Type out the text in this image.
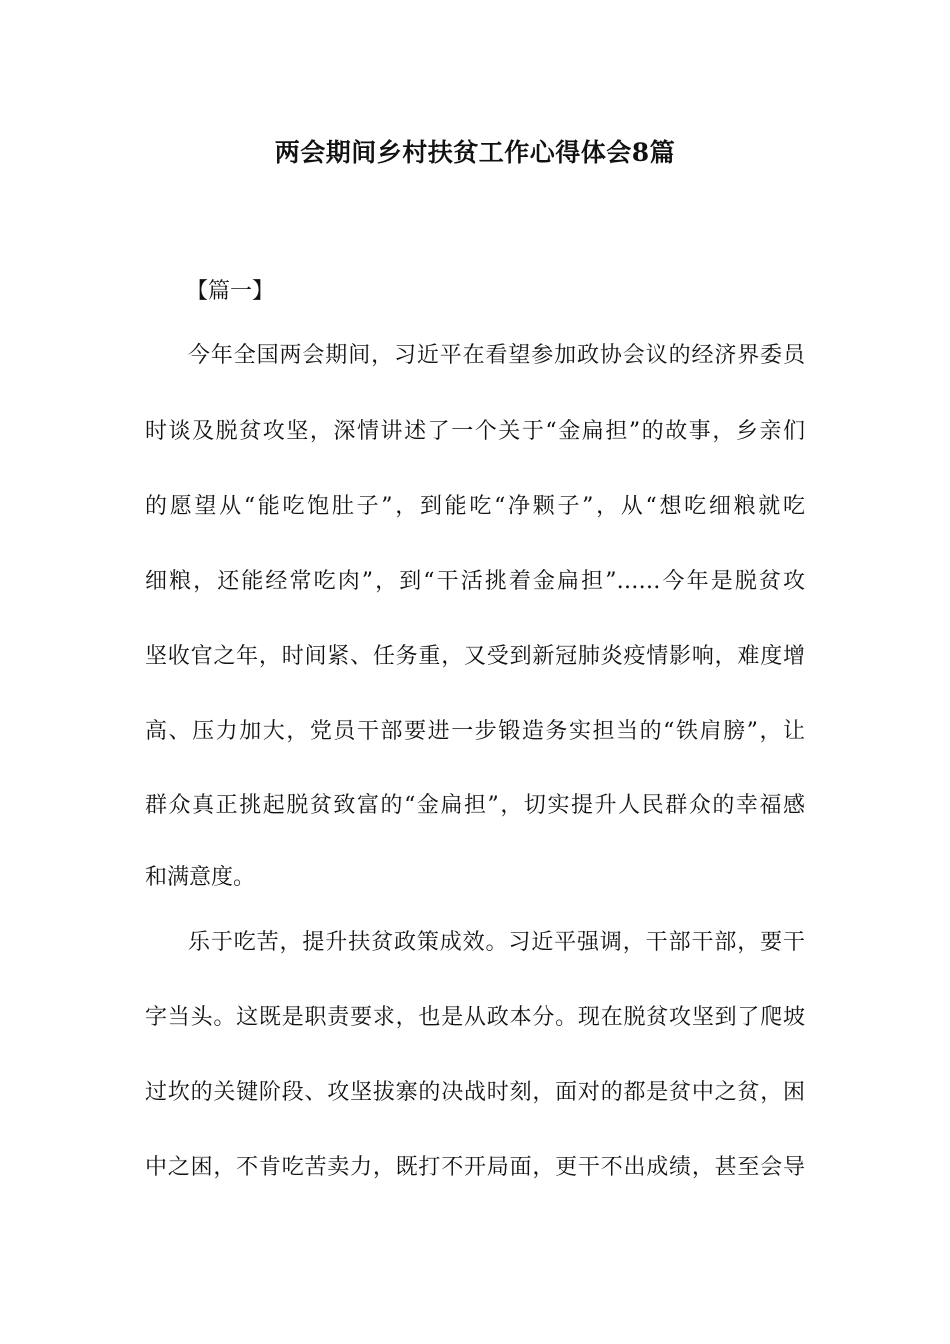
两会期间乡村扶贫工作心得体会8篇
【篇一】
今年全国两会期间，习近平在看望参加政协会议的经济界委员
时谈及脱贫攻坚，深情讲述了一个关于“金扁担”的故事，乡亲们
的愿望从“能吃饱肚子”，到能吃“净颗子”，从“想吃细粮就吃
细粮，还能经常吃肉”，到“干活挑着金扁担”……今年是脱贫攻
坚收官之年，时间紧、任务重，又受到新冠肺炎疫情影响，难度增
高、压力加大，党员干部要进一步锻造务实担当的“铁肩膀”，让
群众真正挑起脱贫致富的“金扁担”，切实提升人民群众的幸福感
和满意度。
乐于吃苦，提升扶贫政策成效。习近平强调，干部干部，要干
字当头。这既是职责要求，也是从政本分。现在脱贫攻坚到了爬坡
过坎的关键阶段、攻坚拔寨的决战时刻，面对的都是贫中之贫，困
中之困，不肯吃苦卖力，既打不开局面，更干不出成绩，甚至会导
